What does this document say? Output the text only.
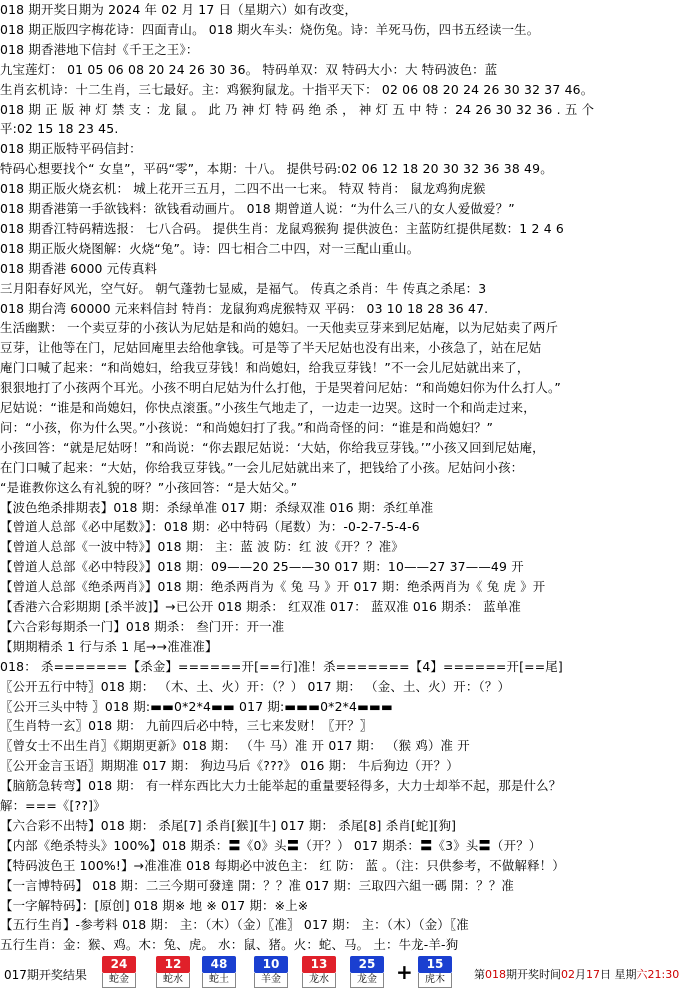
018 期开奖日期为 2024 年 02 月 17 日（星期六）如有改变，
018 期正版四字梅花诗：四面青山。 018 期火车头：烧伤兔。诗：羊死马伤，四书五经读一生。
018 期香港地下信封《千王之王》：
九宝莲灯： 01 05 06 08 20 24 26 30 36。 特码单双：双 特码大小：大 特码波色：蓝
生肖玄机诗：十二生肖，三七最好。主：鸡猴狗鼠龙。十指平天下： 02 06 08 20 24 26 30 32 37 46。
018 期 正 版 神 灯 禁 支 ：龙 鼠 。 此 乃 神 灯 特 码 绝 杀 ， 神 灯 五 中 特 ：24 26 30 32 36 . 五 个
平:02 15 18 23 45.
018 期正版特平码信封：
特码心想要找个“ 女皇”，平码“零”，本期：十八。 提供号码:02 06 12 18 20 30 32 36 38 49。
018 期正版火烧玄机： 城上花开三五月，二四不出一七来。 特双 特肖： 鼠龙鸡狗虎猴
018 期香港第一手欲钱料：欲钱看动画片。 018 期曾道人说：“为什么三八的女人爱做爱？”
018 期香江特码精选报： 七八合码。 提供生肖：龙鼠鸡猴狗 提供波色：主蓝防红提供尾数：1 2 4 6
018 期正版火烧图解：火烧“兔”。诗：四七相合二中四，对一三配山重山。
018 期香港 6000 元传真料
三月阳春好风光，空气好。 朝气蓬勃七显威，是福气。 传真之杀肖：牛 传真之杀尾：3
018 期台湾 60000 元来料信封 特肖：龙鼠狗鸡虎猴特双 平码： 03 10 18 28 36 47.
生活幽默： 一个卖豆芽的小孩认为尼姑是和尚的媳妇。一天他卖豆芽来到尼姑庵，以为尼姑卖了两斤
豆芽，让他等在门，尼姑回庵里去给他拿钱。可是等了半天尼姑也没有出来，小孩急了，站在尼姑
庵门口喊了起来：“和尚媳妇，给我豆芽钱！和尚媳妇，给我豆芽钱！”不一会儿尼姑就出来了，
狠狠地打了小孩两个耳光。小孩不明白尼姑为什么打他，于是哭着问尼姑：“和尚媳妇你为什么打人。”
尼姑说：“谁是和尚媳妇，你快点滚蛋。”小孩生气地走了，一边走一边哭。这时一个和尚走过来，
问：“小孩，你为什么哭。”小孩说：“和尚媳妇打了我。”和尚奇怪的问：“谁是和尚媳妇？”
小孩回答：“就是尼姑呀！”和尚说：“你去跟尼姑说：‘大姑，你给我豆芽钱。’”小孩又回到尼姑庵，
在门口喊了起来：“大姑，你给我豆芽钱。”一会儿尼姑就出来了，把钱给了小孩。尼姑问小孩：
“是谁教你这么有礼貌的呀？”小孩回答：“是大姑父。”
【波色绝杀排期表】018 期：杀绿单准 017 期：杀绿双准 016 期：杀红单准
【曾道人总部《必中尾数》】：018 期：必中特码（尾数）为：-0-2-7-5-4-6
【曾道人总部《一波中特》】018 期： 主：蓝 波 防：红 波《开？？准》
【曾道人总部《必中特段》】018 期：09——20 25——30 017 期：10——27 37——49 开
【曾道人总部《绝杀两肖》】018 期：绝杀两肖为《 兔 马 》开 017 期：绝杀两肖为《 兔 虎 》开
【香港六合彩期期 [杀半波]】→已公开 018 期杀： 红双准 017： 蓝双准 016 期杀： 蓝单准
【六合彩每期杀一门】018 期杀： 叁门开：开一准
【期期精杀 1 行与杀 1 尾→→准准准】
018： 杀=======【杀金】======开[==行]准！杀=======【4】======开[==尾]
〖公开五行中特〗018 期： （木、土、火）开：（？） 017 期： （金、土、火）开：（？）
〖公开三头中特 〗018 期:▬▬0*2*4▬▬ 017 期:▬▬▬0*2*4▬▬▬
〖生肖特一玄〗018 期： 九前四后必中特，三七来发财！〖开？〗
〖曾女士不出生肖〗《期期更新》018 期： （牛 马）准 开 017 期： （猴 鸡）准 开
〖公开金言玉语〗期期准 017 期： 狗边马后《???》 016 期： 牛后狗边（开？）
【脑筋急转弯】018 期： 有一样东西比大力士能举起的重量要轻得多，大力士却举不起，那是什么？
解：===《[??]》
【六合彩不出特】018 期： 杀尾[7] 杀肖[猴][牛] 017 期： 杀尾[8] 杀肖[蛇][狗]
【内部《绝杀特头》100%】018 期杀：〓《0》头〓（开？） 017 期杀：〓《3》头〓（开？）
【特码波色王 100%!】→准准准 018 每期必中波色主： 红 防： 蓝 。（注：只供参考，不做解释！）
【一言博特码】 018 期：二三今期可發達 開：？？准 017 期：三取四六組一碼 開：？？准
【一字解特码】：[原创] 018 期※ 地 ※ 017 期：※上※
【五行生肖】-参考料 018 期： 主：（木）（金）〖准〗 017 期： 主：（木）（金）〖准
五行生肖：金：猴、鸡。木：兔、虎。 水：鼠、猪。火：蛇、马。 土：牛龙-羊-狗
017期开奖结果
24
蛇金
12
蛇水
48
蛇土
10
羊金
13
龙水
25
龙金
15
虎木
+	第018期开奖时间02月17日 星期六21:30
